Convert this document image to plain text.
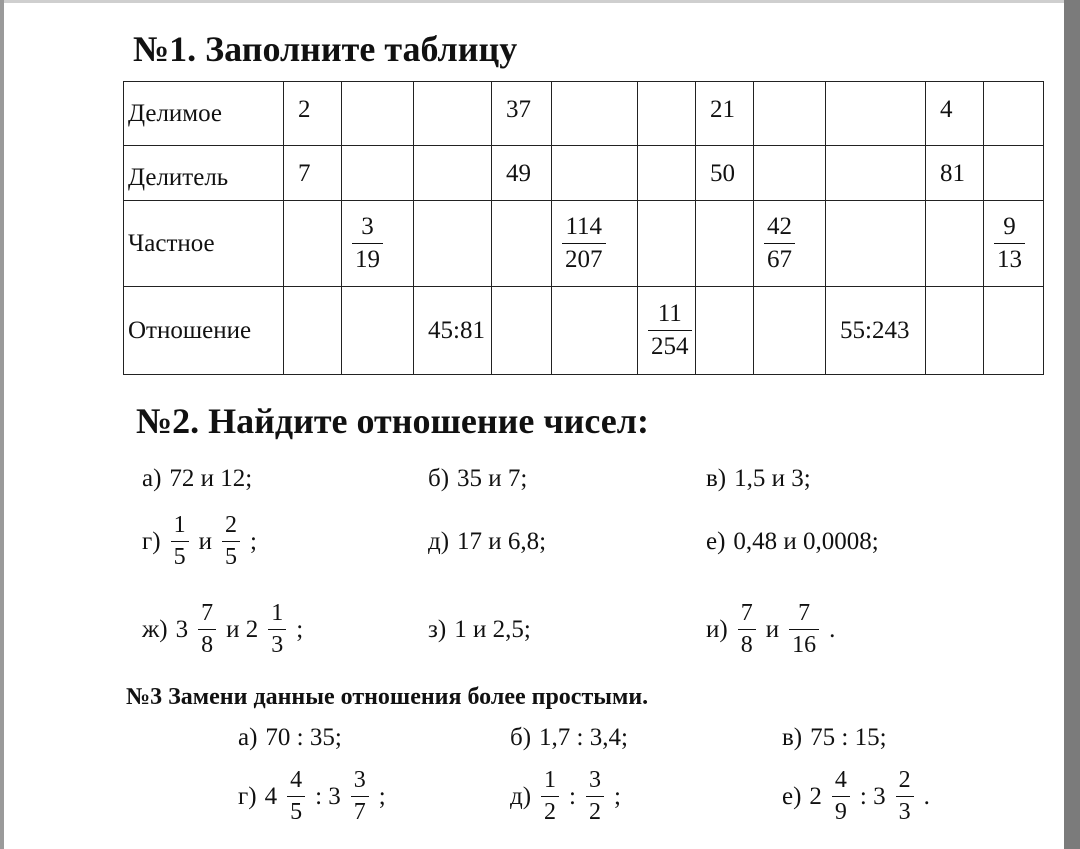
№1. Заполните таблицу
Делимое	2			37			21			4	
Делитель	7			49			50			81	
Частное		$\frac{3}{19}$			$\frac{114}{207}$			$\frac{42}{67}$			$\frac{9}{13}$

Отношение			45:81			$\frac{11}{254}$			55:243		
№2. Найдите отношение чисел:
а) 72 и 12;	б) 35 и 7;	в) 1,5 и 3;
$г) \frac{1}{5}$ и $\frac{2}{5}$ ;	д) 17 и 6,8;	е) 0,48 и 0,0008;
ж) $3 \frac{7}{8}$ и $2 \frac{1}{3}$ ;	з) 1 и 2,5;	$и) \frac{7}{8}$ и $\frac{7}{16}$ .
№3 Замени данные отношения более простыми.
а) 70 : 35;	б) 1,7 : 3,4;	в) 75 : 15;
г) $4 \frac{4}{5}$ : $3 \frac{3}{7}$ ;	$д) \frac{1}{2}$ : $\frac{3}{2}$ ;	е) $2 \frac{4}{9}$ : $3 \frac{2}{3}$ .
